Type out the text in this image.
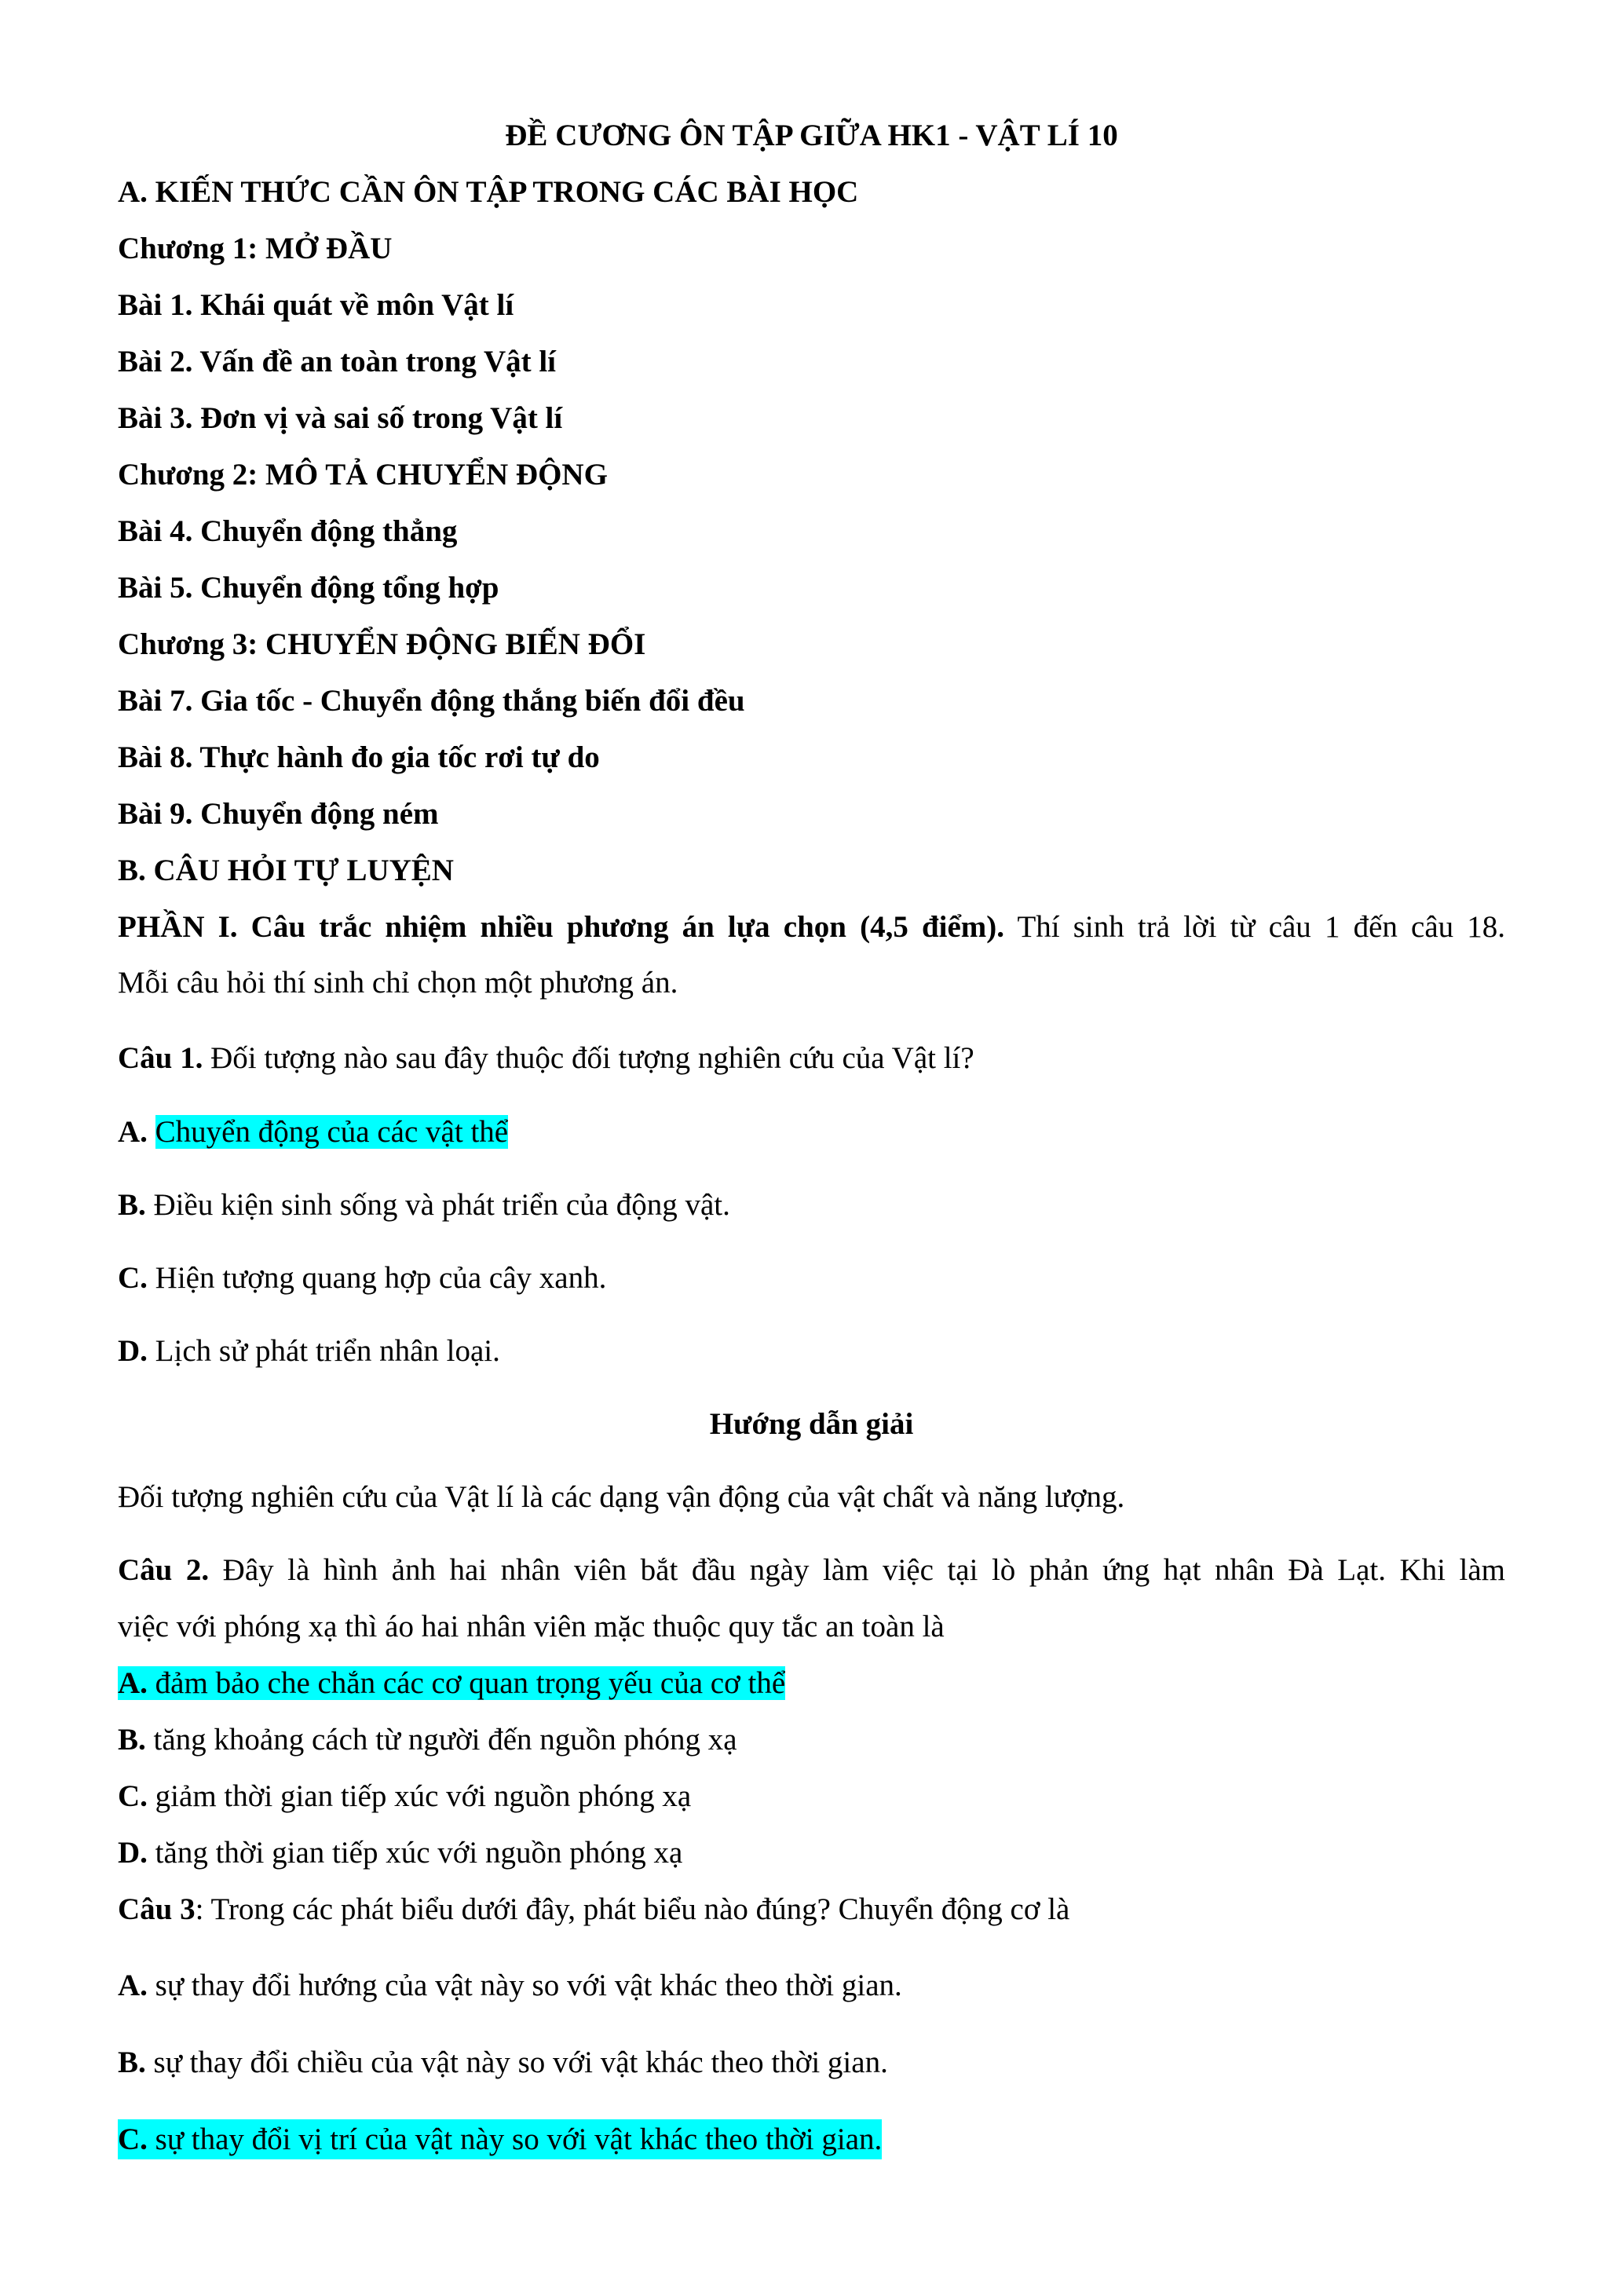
ĐỀ CƯƠNG ÔN TẬP GIỮA HK1 - VẬT LÍ 10
A. KIẾN THỨC CẦN ÔN TẬP TRONG CÁC BÀI HỌC
Chương 1: MỞ ĐẦU
Bài 1. Khái quát về môn Vật lí
Bài 2. Vấn đề an toàn trong Vật lí
Bài 3. Đơn vị và sai số trong Vật lí
Chương 2: MÔ TẢ CHUYỂN ĐỘNG
Bài 4. Chuyển động thẳng
Bài 5. Chuyển động tổng hợp
Chương 3: CHUYỂN ĐỘNG BIẾN ĐỔI
Bài 7. Gia tốc - Chuyển động thắng biến đổi đều
Bài 8. Thực hành đo gia tốc rơi tự do
Bài 9. Chuyển động ném
B. CÂU HỎI TỰ LUYỆN
PHẦN I. Câu trắc nhiệm nhiều phương án lựa chọn (4,5 điểm). Thí sinh trả lời từ câu 1 đến câu 18.
Mỗi câu hỏi thí sinh chỉ chọn một phương án.
Câu 1. Đối tượng nào sau đây thuộc đối tượng nghiên cứu của Vật lí?
A. Chuyển động của các vật thể
B. Điều kiện sinh sống và phát triển của động vật.
C. Hiện tượng quang hợp của cây xanh.
D. Lịch sử phát triển nhân loại.
Hướng dẫn giải
Đối tượng nghiên cứu của Vật lí là các dạng vận động của vật chất và năng lượng.
Câu 2. Đây là hình ảnh hai nhân viên bắt đầu ngày làm việc tại lò phản ứng hạt nhân Đà Lạt. Khi làm
việc với phóng xạ thì áo hai nhân viên mặc thuộc quy tắc an toàn là
A. đảm bảo che chắn các cơ quan trọng yếu của cơ thể
B. tăng khoảng cách từ người đến nguồn phóng xạ
C. giảm thời gian tiếp xúc với nguồn phóng xạ
D. tăng thời gian tiếp xúc với nguồn phóng xạ
Câu 3: Trong các phát biểu dưới đây, phát biểu nào đúng? Chuyển động cơ là
A. sự thay đổi hướng của vật này so với vật khác theo thời gian.
B. sự thay đổi chiều của vật này so với vật khác theo thời gian.
C. sự thay đổi vị trí của vật này so với vật khác theo thời gian.
